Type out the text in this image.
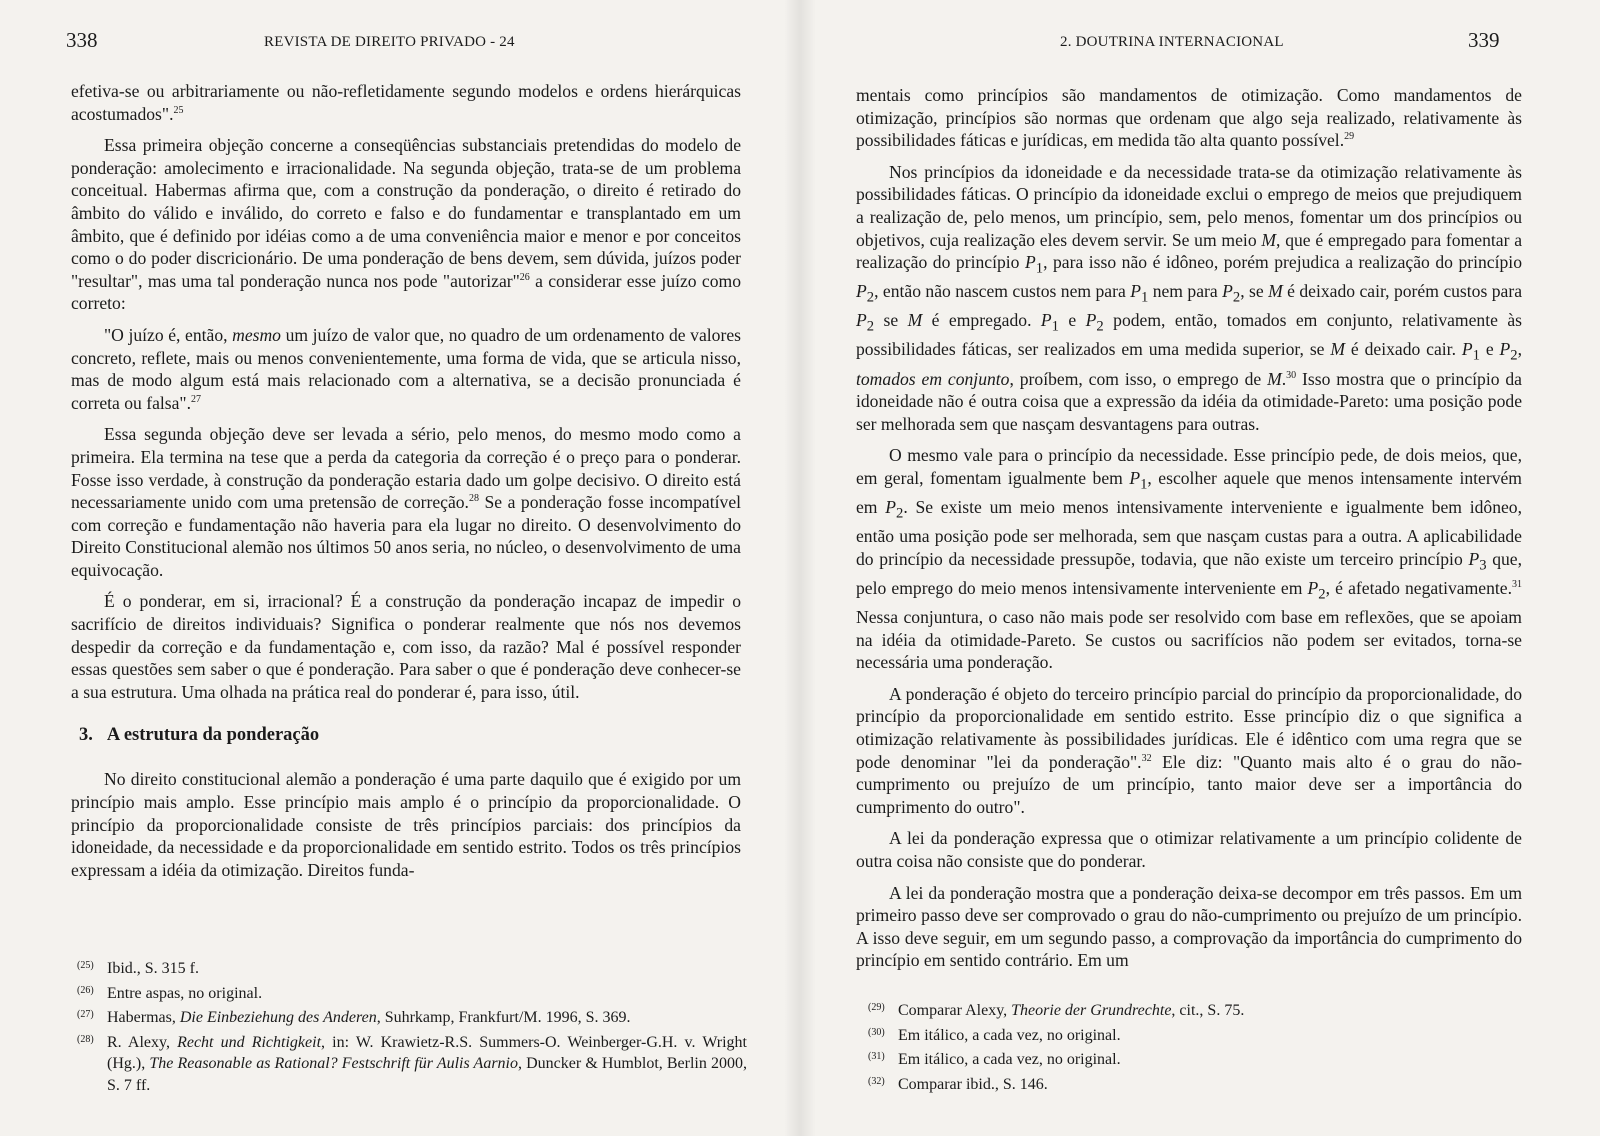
338	REVISTA DE DIREITO PRIVADO - 24

efetiva-se ou arbitrariamente ou não-refletidamente segundo modelos e ordens hierárquicas acostumados".$^{25}$

Essa primeira objeção concerne a conseqüências substanciais pretendidas do modelo de ponderação: amolecimento e irracionalidade. Na segunda objeção, trata-se de um problema conceitual. Habermas afirma que, com a construção da ponderação, o direito é retirado do âmbito do válido e inválido, do correto e falso e do fundamentar e transplantado em um âmbito, que é definido por idéias como a de uma conveniência maior e menor e por conceitos como o do poder discricionário. De uma ponderação de bens devem, sem dúvida, juízos poder "resultar", mas uma tal ponderação nunca nos pode "autorizar"$^{26}$ a considerar esse juízo como correto:

"O juízo é, então, mesmo um juízo de valor que, no quadro de um ordenamento de valores concreto, reflete, mais ou menos convenientemente, uma forma de vida, que se articula nisso, mas de modo algum está mais relacionado com a alternativa, se a decisão pronunciada é correta ou falsa".$^{27}$

Essa segunda objeção deve ser levada a sério, pelo menos, do mesmo modo como a primeira. Ela termina na tese que a perda da categoria da correção é o preço para o ponderar. Fosse isso verdade, à construção da ponderação estaria dado um golpe decisivo. O direito está necessariamente unido com uma pretensão de correção.$^{28}$ Se a ponderação fosse incompatível com correção e fundamentação não haveria para ela lugar no direito. O desenvolvimento do Direito Constitucional alemão nos últimos 50 anos seria, no núcleo, o desenvolvimento de uma equivocação.

É o ponderar, em si, irracional? É a construção da ponderação incapaz de impedir o sacrifício de direitos individuais? Significa o ponderar realmente que nós nos devemos despedir da correção e da fundamentação e, com isso, da razão? Mal é possível responder essas questões sem saber o que é ponderação. Para saber o que é ponderação deve conhecer-se a sua estrutura. Uma olhada na prática real do ponderar é, para isso, útil.

3. A estrutura da ponderação

No direito constitucional alemão a ponderação é uma parte daquilo que é exigido por um princípio mais amplo. Esse princípio mais amplo é o princípio da proporcionalidade. O princípio da proporcionalidade consiste de três princípios parciais: dos princípios da idoneidade, da necessidade e da proporcionalidade em sentido estrito. Todos os três princípios expressam a idéia da otimização. Direitos funda-

(25) Ibid., S. 315 f.
(26) Entre aspas, no original.
(27) Habermas, Die Einbeziehung des Anderen, Suhrkamp, Frankfurt/M. 1996, S. 369.
(28) R. Alexy, Recht und Richtigkeit, in: W. Krawietz-R.S. Summers-O. Weinberger-G.H. v. Wright (Hg.), The Reasonable as Rational? Festschrift für Aulis Aarnio, Duncker & Humblot, Berlin 2000, S. 7 ff.
2. DOUTRINA INTERNACIONAL	339

mentais como princípios são mandamentos de otimização. Como mandamentos de otimização, princípios são normas que ordenam que algo seja realizado, relativamente às possibilidades fáticas e jurídicas, em medida tão alta quanto possível.$^{29}$

Nos princípios da idoneidade e da necessidade trata-se da otimização relativamente às possibilidades fáticas. O princípio da idoneidade exclui o emprego de meios que prejudiquem a realização de, pelo menos, um princípio, sem, pelo menos, fomentar um dos princípios ou objetivos, cuja realização eles devem servir. Se um meio M, que é empregado para fomentar a realização do princípio $P_1$, para isso não é idôneo, porém prejudica a realização do princípio $P_2$, então não nascem custos nem para $P_1$ nem para $P_2$, se M é deixado cair, porém custos para $P_2$ se M é empregado. $P_1$ e $P_2$ podem, então, tomados em conjunto, relativamente às possibilidades fáticas, ser realizados em uma medida superior, se M é deixado cair. $P_1$ e $P_2$, tomados em conjunto, proíbem, com isso, o emprego de M.$^{30}$ Isso mostra que o princípio da idoneidade não é outra coisa que a expressão da idéia da otimidade-Pareto: uma posição pode ser melhorada sem que nasçam desvantagens para outras.

O mesmo vale para o princípio da necessidade. Esse princípio pede, de dois meios, que, em geral, fomentam igualmente bem $P_1$, escolher aquele que menos intensamente intervém em $P_2$. Se existe um meio menos intensivamente interveniente e igualmente bem idôneo, então uma posição pode ser melhorada, sem que nasçam custas para a outra. A aplicabilidade do princípio da necessidade pressupõe, todavia, que não existe um terceiro princípio $P_3$ que, pelo emprego do meio menos intensivamente interveniente em $P_2$, é afetado negativamente.$^{31}$ Nessa conjuntura, o caso não mais pode ser resolvido com base em reflexões, que se apoiam na idéia da otimidade-Pareto. Se custos ou sacrifícios não podem ser evitados, torna-se necessária uma ponderação.

A ponderação é objeto do terceiro princípio parcial do princípio da proporcionalidade, do princípio da proporcionalidade em sentido estrito. Esse princípio diz o que significa a otimização relativamente às possibilidades jurídicas. Ele é idêntico com uma regra que se pode denominar "lei da ponderação".$^{32}$ Ele diz: "Quanto mais alto é o grau do não-cumprimento ou prejuízo de um princípio, tanto maior deve ser a importância do cumprimento do outro".

A lei da ponderação expressa que o otimizar relativamente a um princípio colidente de outra coisa não consiste que do ponderar.

A lei da ponderação mostra que a ponderação deixa-se decompor em três passos. Em um primeiro passo deve ser comprovado o grau do não-cumprimento ou prejuízo de um princípio. A isso deve seguir, em um segundo passo, a comprovação da importância do cumprimento do princípio em sentido contrário. Em um

(29) Comparar Alexy, Theorie der Grundrechte, cit., S. 75.
(30) Em itálico, a cada vez, no original.
(31) Em itálico, a cada vez, no original.
(32) Comparar ibid., S. 146.
